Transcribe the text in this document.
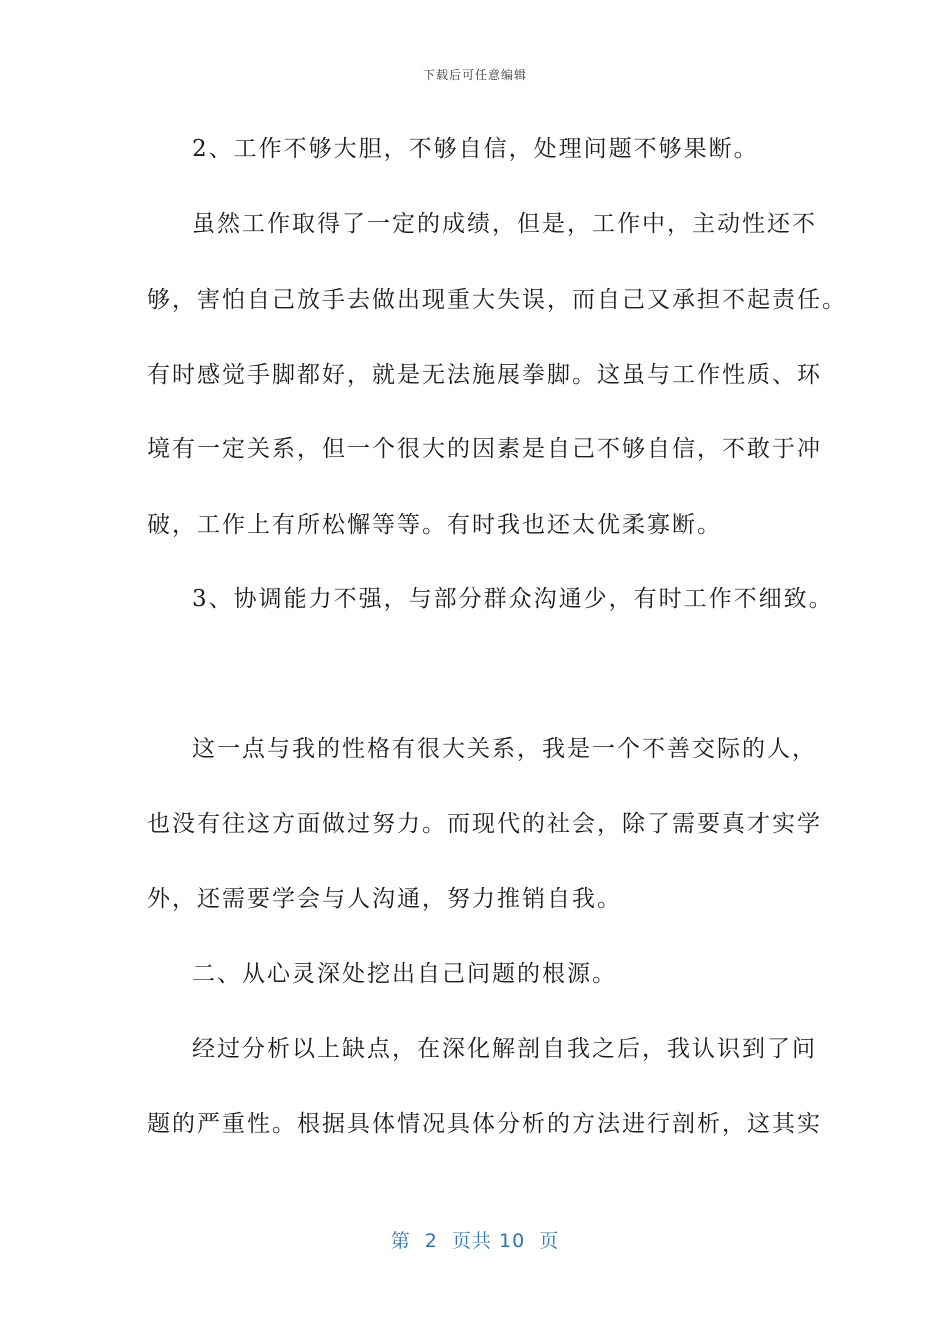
下载后可任意编辑
2、工作不够大胆，不够自信，处理问题不够果断。
虽然工作取得了一定的成绩，但是，工作中，主动性还不
够，害怕自己放手去做出现重大失误，而自己又承担不起责任。
有时感觉手脚都好，就是无法施展拳脚。这虽与工作性质、环
境有一定关系，但一个很大的因素是自己不够自信，不敢于冲
破，工作上有所松懈等等。有时我也还太优柔寡断。
3、协调能力不强，与部分群众沟通少，有时工作不细致。
这一点与我的性格有很大关系，我是一个不善交际的人，
也没有往这方面做过努力。而现代的社会，除了需要真才实学
外，还需要学会与人沟通，努力推销自我。
二、从心灵深处挖出自己问题的根源。
经过分析以上缺点，在深化解剖自我之后，我认识到了问
题的严重性。根据具体情况具体分析的方法进行剖析，这其实
第  2  页共 10  页
